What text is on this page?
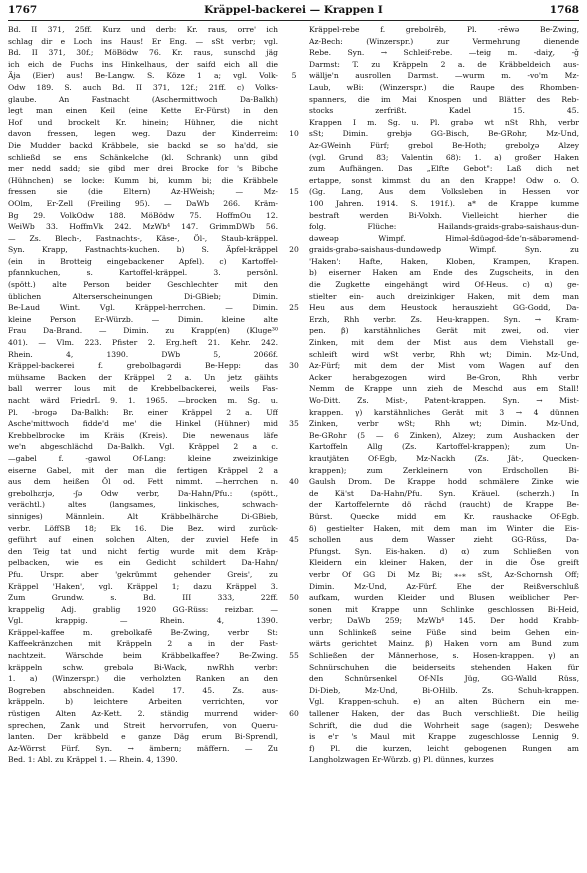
1767	Kräppel-backerei — Krappen I	1768
Bd. II 371, 25ff. Kurz und derb: Kr. raus, orre' ich
schlag dir e Loch ins Haus! Er Eng. — sSt verbr; vgl.
Bd. II 371, 30f.; MöBödw 76. Kr. raus, sunschd jäg
ich eich de Fuchs ins Hinkelhaus, der saifd eich all die
Äja (Eier) aus! Be-Langw. S. Köze 1 a; vgl. Volk-
Odw 189. S. auch Bd. II 371, 12f.; 21ff. c) Volks-
glaube. An Fastnacht (Aschermittwoch Da-Balkh)
legt man einen Keil (eine Kette Er-Fürst) in den
Hof und brockelt Kr. hinein; Hühner, die nicht
davon fressen, legen weg. Dazu der Kinderreim:
Die Mudder backd Kräbbele, sie backd se so ha'dd, sie
schließd se ens Schänkelche (kl. Schrank) unn gibd
mer nedd sadd; sie gibd mer drei Brocke for 's Bibche
(Hühnchen) se locke: Kumm bi, kumm bi; die Kräbbele
fressen sie (die Eltern) Az-HWeish; — Mz-
OOlm, Er-Zell (Freiling 95). — DaWb 266. Kräm-
Bg 29. VolkOdw 188. MöBödw 75. HoffmOu 12.
WeiWb 33. HoffmVk 242. MzWb⁴ 147. GrimmDWb 56.
— Zs. Blech-, Fastnachts-, Käse-, Öl-, Staub-kräppel.
Syn. Krapp, Fastnachts-kuchen. b) S. Äpfel-kräppel
(ein in Brotteig eingebackener Apfel). c) Kartoffel-
pfannkuchen, s. Kartoffel-kräppel. 3. persönl.
(spött.) alte Person beider Geschlechter mit den
üblichen Alterserscheinungen Di-GBieb; Dimin.
Be-Laud Wint. Vgl. Kräppel-herrchen. — Dimin.
kleine Person Er-Würzb. — Dimin. kleine alte
Frau Da-Brand. — Dimin. zu Krapp(en) (Kluge³⁰
401). — Vlm. 223. Pfister 2. Erg.heft 21. Kehr. 242.
Rhein. 4, 1390. DWb 5, 2066f.
Kräppel-backerei f. grebolbagərdi Be-Hepp: das
mühsame Backen der Kräppel 2 a. Un jetz gäihts
ball werrer lous mit de Krebbelbackerei, weils Fas-
nacht wärd FriedrL 9. 1. 1965. —brocken m. Sg. u.
Pl. -brogə Da-Balkh: Br. einer Kräppel 2 a. Uff
Asche'mittwoch fidde'd me' die Hinkel (Hühner) mid
Krebbelbrocke im Kräis (Kreis). Die newenaus läfe
we'n abgeschlächd Da-Balkh. Vgl. Kräppel 2 a c.
—gabel f. -gawol Of-Lang: kleine zweizinkige
eiserne Gabel, mit der man die fertigen Kräppel 2 a
aus dem heißen Öl od. Fett nimmt. —herrchen n.
grebolhɛrjə, -ʃə Odw verbr, Da-Hahn/Pfu.: (spött.,
verächtl.) altes (langsames, linkisches, schwach-
sinniges) Männlein. Alt Kräbbelhärche Di-GBieb,
verbr. LöffSB 18; Ek 16. Die Bez. wird zurück-
geführt auf einen solchen Alten, der zuviel Hefe in
den Teig tat und nicht fertig wurde mit dem Kräp-
pelbacken, wie es ein Gedicht schildert Da-Hahn/
Pfu. Urspr. aber 'gekrümmt gehender Greis', zu
Kräppel 'Haken', vgl. Kräppel 1; dazu Kräppel 3.
Zum Grundw. s. Bd. III 333, 22ff.
krappelig Adj. grablig 1920 GG-Rüss: reizbar. —
Vgl. krappig. — Rhein. 4, 1390.
Kräppel-kaffee m. grebolkafē Be-Zwing, verbr St:
Kaffeekränzchen mit Kräppeln 2 a in der Fast-
nachtzeit. Wärschde beim Kräbbelkaffee? Be-Zwing.
kräppeln schw. grebələ Bi-Wack, nwRhh verbr:
1. a) (Winzerspr.) die verholzten Ranken an den
Bogreben abschneiden. Kadel 17. 45. Zs. aus-
kräppeln. b) leichtere Arbeiten verrichten, vor
rüstigen Alten Az-Kett. 2. ständig murrend wider-
sprechen, Zank und Streit hervorrufen, von Queru-
lanten. Der kräbbeld e ganze Däg erum Bi-Sprendl,
Az-Wörrst Fürf. Syn. → ämbern; mäffern. — Zu
Bed. 1: Abl. zu Kräppel 1. — Rhein. 4, 1390.
5
10
15
20
25
30
35
40
45
50
55
60
Kräppel-rebe f. grebolrēb, Pl. -rēwə Be-Zwing,
Az-Bech: (Winzerspr.) zur Vermehrung dienende
Rebe. Syn. → Schleif-rebe. —teig m. -daiχ, -ǧ
Darmst: T. zu Kräppeln 2 a. de Kräbbeldeich aus-
wällje'n ausrollen Darmst. —wurm m. -vo'm Mz-
Laub, wBi: (Winzerspr.) die Raupe des Rhomben-
spanners, die im Mai Knospen und Blätter des Reb-
stocks zerfrißt. Kadel 15. 45.
Krappen I m. Sg. u. Pl. grabə wt nSt Rhh, verbr
sSt; Dimin. grebjə GG-Bisch, Be-GRohr, Mz-Und,
Az-GWeinh Fürf; grebol Be-Hoth; grebolχə Alzey
(vgl. Grund 83; Valentin 68): 1. a) großer Haken
zum Aufhängen. Das „Elfte Gebot": Laß dich net
ertappe, sonst kimmst du an den Krappe! Odw o. O.
(Gg. Lang, Aus dem Volksleben in Hessen vor
100 Jahren. 1914. S. 191f.). a* de Krappe kumme
bestraft werden Bi-Volxh. Vielleicht hierher die
folg. Flüche: Hailands-graids-grabə-saishaus-dun-
dəweəp Wimpf. Himəl-šdüəgod-šdeʼn-säbərəmend-
graids-grabə-saishaus-dundəwedp Wimpf. Syn. zu
'Haken': Hafte, Haken, Kloben, Krampen, Krapen.
b) eiserner Haken am Ende des Zugscheits, in den
die Zugkette eingehängt wird Of-Heus. c) α) ge-
stielter ein- auch dreizinkiger Haken, mit dem man
Heu aus dem Heustock herauszieht GG-Godd, Da-
Erzh, Rhh verbr. Zs. Heu-krappen. Syn. → Kram-
pen. β) karstähnliches Gerät mit zwei, od. vier
Zinken, mit dem der Mist aus dem Viehstall ge-
schleift wird wSt verbr, Rhh wt; Dimin. Mz-Und,
Az-Fürf; mit dem der Mist vom Wagen auf den
Acker herabgezogen wird Be-Gron, Rhh verbr
Nemm de Krappe unn zieh de Meschd aus em Stall!
Wo-Ditt. Zs. Mist-, Patent-krappen. Syn. → Mist-
krappen. γ) karstähnliches Gerät mit 3 → 4 dünnen
Zinken, verbr wSt; Rhh wt; Dimin. Mz-Und,
Be-GRohr (5 — 6 Zinken), Alzey; zum Aushacken der
Kartoffeln Allg (Zs. Kartoffel-krappen); zum Un-
krautjäten Of-Egb, Mz-Nackh (Zs. Jät-, Quecken-
krappen); zum Zerkleinern von Erdschollen Bi-
Gaulsh Drom. De Krappe hodd schmälere Zinke wie
de Kä'st Da-Hahn/Pfu. Syn. Kräuel. (scherzh.) In
der Kartoffelernte dö rächd (raucht) de Krappe Be-
Bürst. Quecke midd em Kr. raushacke Of-Egb.
δ) gestielter Haken, mit dem man im Winter die Eis-
schollen aus dem Wasser zieht GG-Rüss, Da-
Pfungst. Syn. Eis-haken. d) α) zum Schließen von
Kleidern ein kleiner Haken, der in die Öse greift
verbr Of GG Di Mz Bi; ⁎₊⁎ sSt, Az-Schornsh Off;
Dimin. Mz-Und, Az-Fürf. Ehe der Reißverschluß
aufkam, wurden Kleider und Blusen weiblicher Per-
sonen mit Krappe unn Schlinke geschlossen Bi-Heid,
verbr; DaWb 259; MzWb⁴ 145. Der hodd Krabb-
unn Schlinkeß seine Füße sind beim Gehen ein-
wärts gerichtet Mainz. β) Haken vorn am Bund zum
Schließen der Männerhose, s. Hosen-krappen. γ) an
Schnürschuhen die beiderseits stehenden Haken für
den Schnürsenkel Of-NIs Jüg, GG-Walld Rüss,
Di-Dieb, Mz-Und, Bi-OHilb. Zs. Schuh-krappen.
Vgl. Krappen-schuh. e) an alten Büchern ein me-
tallener Haken, der das Buch verschließt. Die heilig
Schrift, die dud die Wohrheit sage (sagen); Deswehe
is e'r 's Maul mit Krappe zugeschlosse Lennig 9.
f) Pl. die kurzen, leicht gebogenen Rungen am
Langholzwagen Er-Würzb. g) Pl. dünnes, kurzes
